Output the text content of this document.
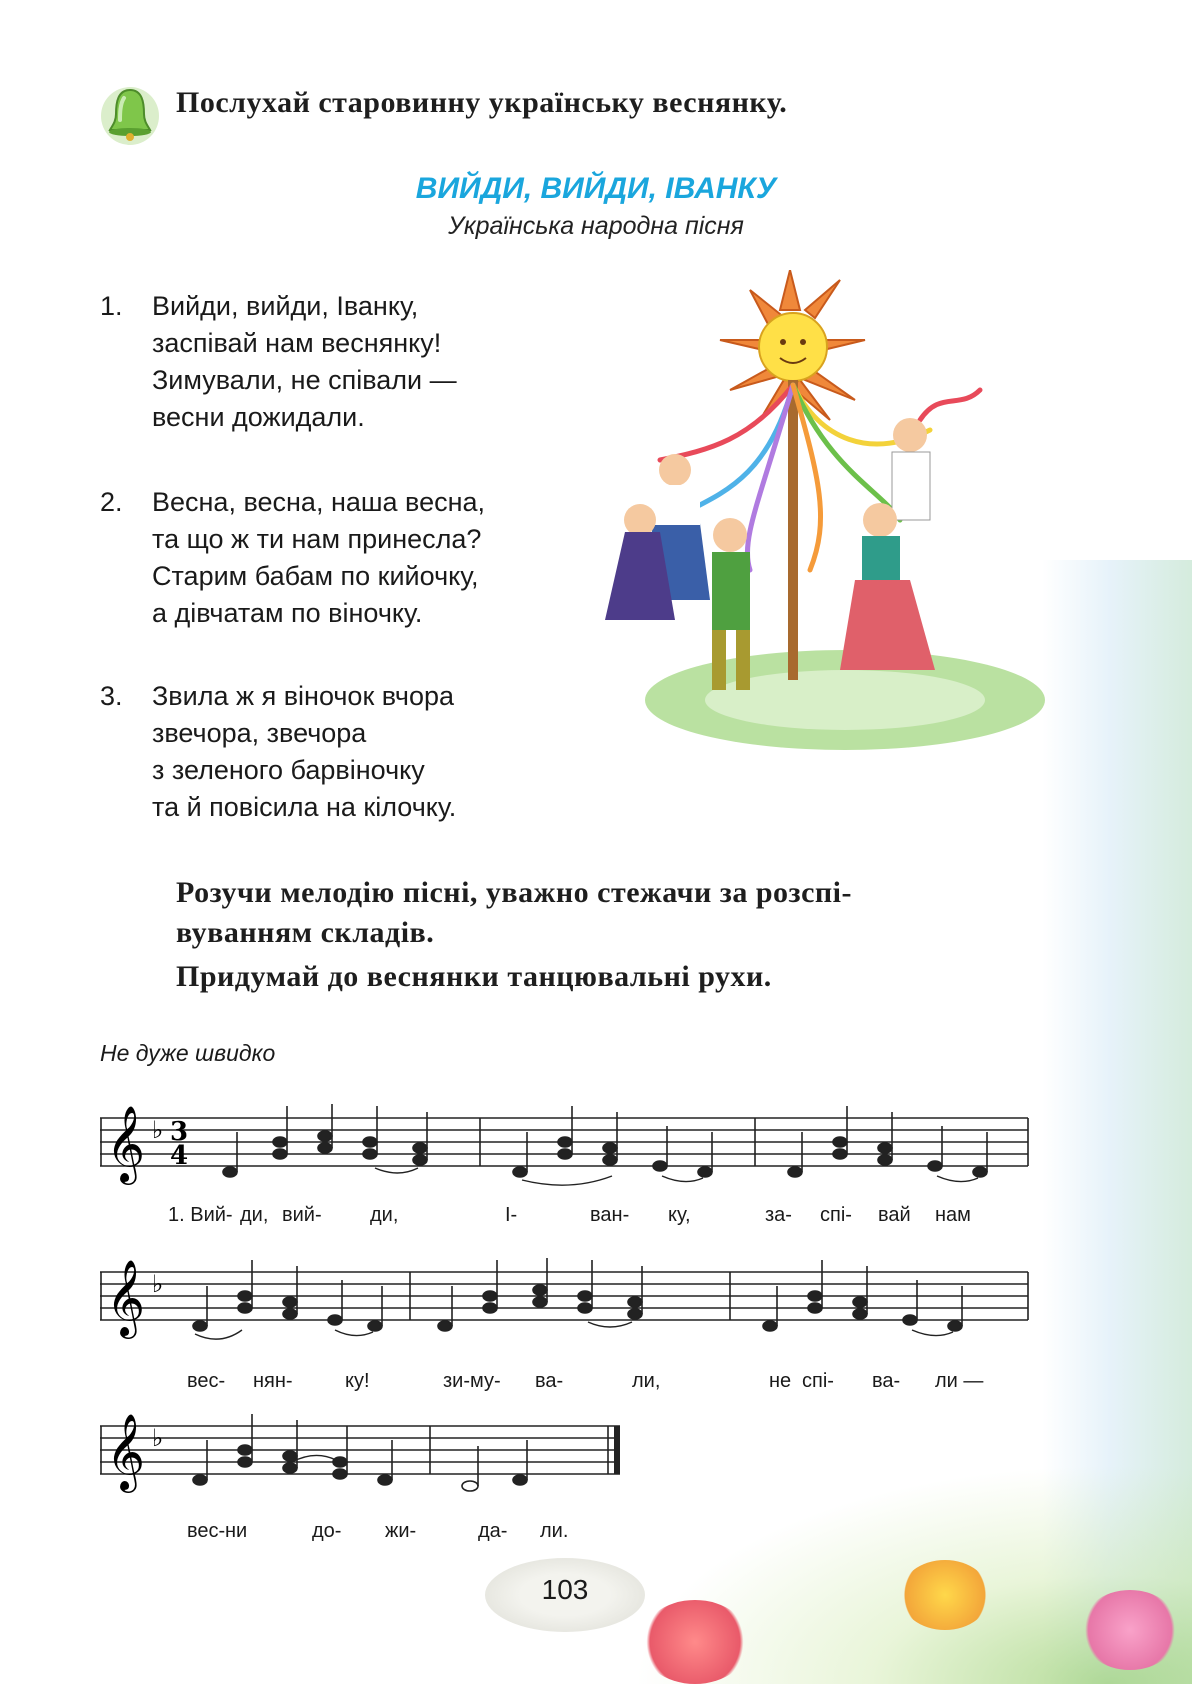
Послухай старовинну українську веснянку.
ВИЙДИ, ВИЙДИ, ІВАНКУ
Українська народна пісня
1.	Вийди, вийди, Іванку,
заспівай нам веснянку!
Зимували, не співали —
весни дожидали.
2.	Весна, весна, наша весна,
та що ж ти нам принесла?
Старим бабам по кийочку,
а дівчатам по віночку.
3.	Звила ж я віночок вчора
звечора, звечора
з зеленого барвіночку
та й повісила на кілочку.
Розучи мелодію пісні, уважно стежачи за розспі-
вуванням складів.
Придумай до веснянки танцювальні рухи.
Не дуже швидко
𝄞 ♭ 3
4
1. Вий- ди, вий- ди,	І-	ван- ку,	за- спі- вай нам
𝄞 ♭
вес- нян-	ку!	зи- му- ва-	ли,	не спі- ва- ли —
𝄞 ♭
вес- ни	до- жи-	да- ли.
103
